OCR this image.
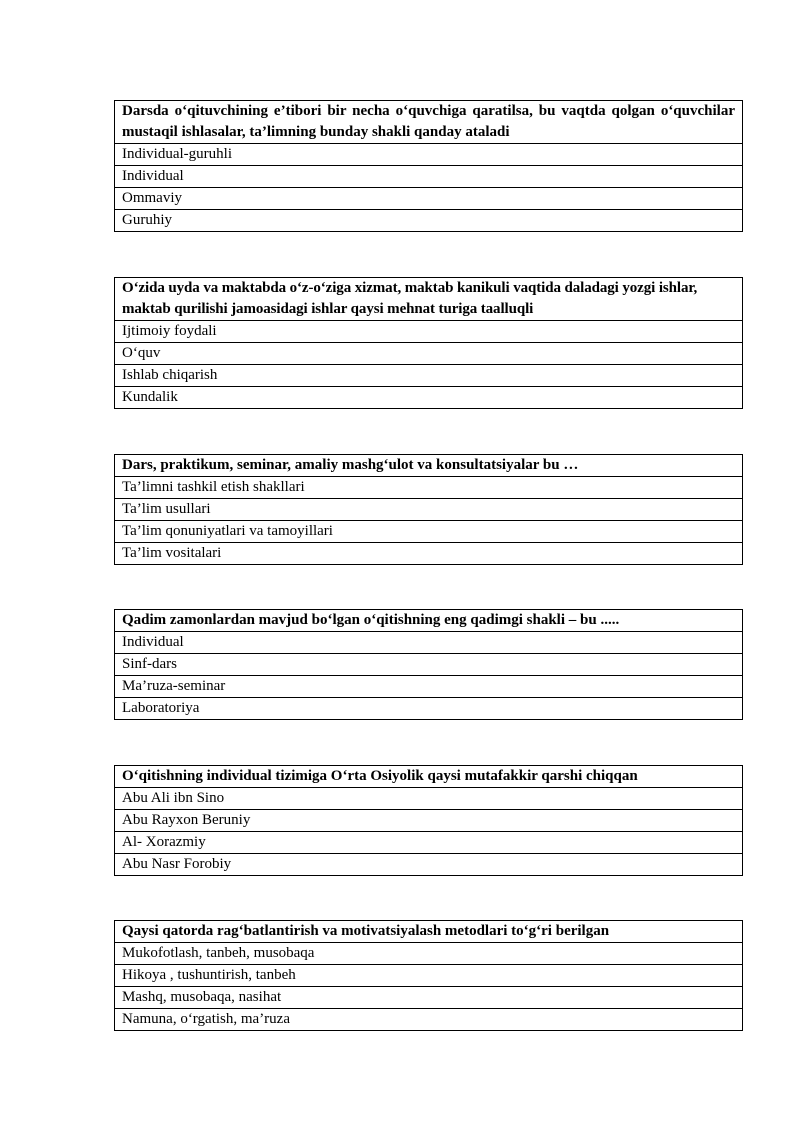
Darsda o‘qituvchining e’tibori bir necha o‘quvchiga qaratilsa, bu vaqtda qolgan o‘quvchilar mustaqil ishlasalar, ta’limning bunday shakli qanday ataladi
Individual-guruhli
Individual
Ommaviy
Guruhiy
O‘zida uyda va maktabda o‘z-o‘ziga xizmat, maktab kanikuli vaqtida daladagi yozgi ishlar, maktab qurilishi jamoasidagi ishlar qaysi mehnat turiga taalluqli
Ijtimoiy foydali
O‘quv
Ishlab chiqarish
Kundalik
Dars, praktikum, seminar, amaliy mashg‘ulot va konsultatsiyalar bu …
Ta’limni tashkil etish shakllari
Ta’lim usullari
Ta’lim qonuniyatlari va tamoyillari
Ta’lim vositalari
Qadim zamonlardan mavjud bo‘lgan o‘qitishning eng qadimgi shakli – bu .....
Individual
Sinf-dars
Ma’ruza-seminar
Laboratoriya
O‘qitishning individual tizimiga O‘rta Osiyolik qaysi mutafakkir qarshi chiqqan
Abu Ali ibn Sino
Abu Rayxon Beruniy
Al- Xorazmiy
Abu Nasr Forobiy
Qaysi qatorda rag‘batlantirish va motivatsiyalash metodlari to‘g‘ri berilgan
Mukofotlash, tanbeh, musobaqa
Hikoya , tushuntirish, tanbeh
Mashq, musobaqa, nasihat
Namuna, o‘rgatish, ma’ruza
